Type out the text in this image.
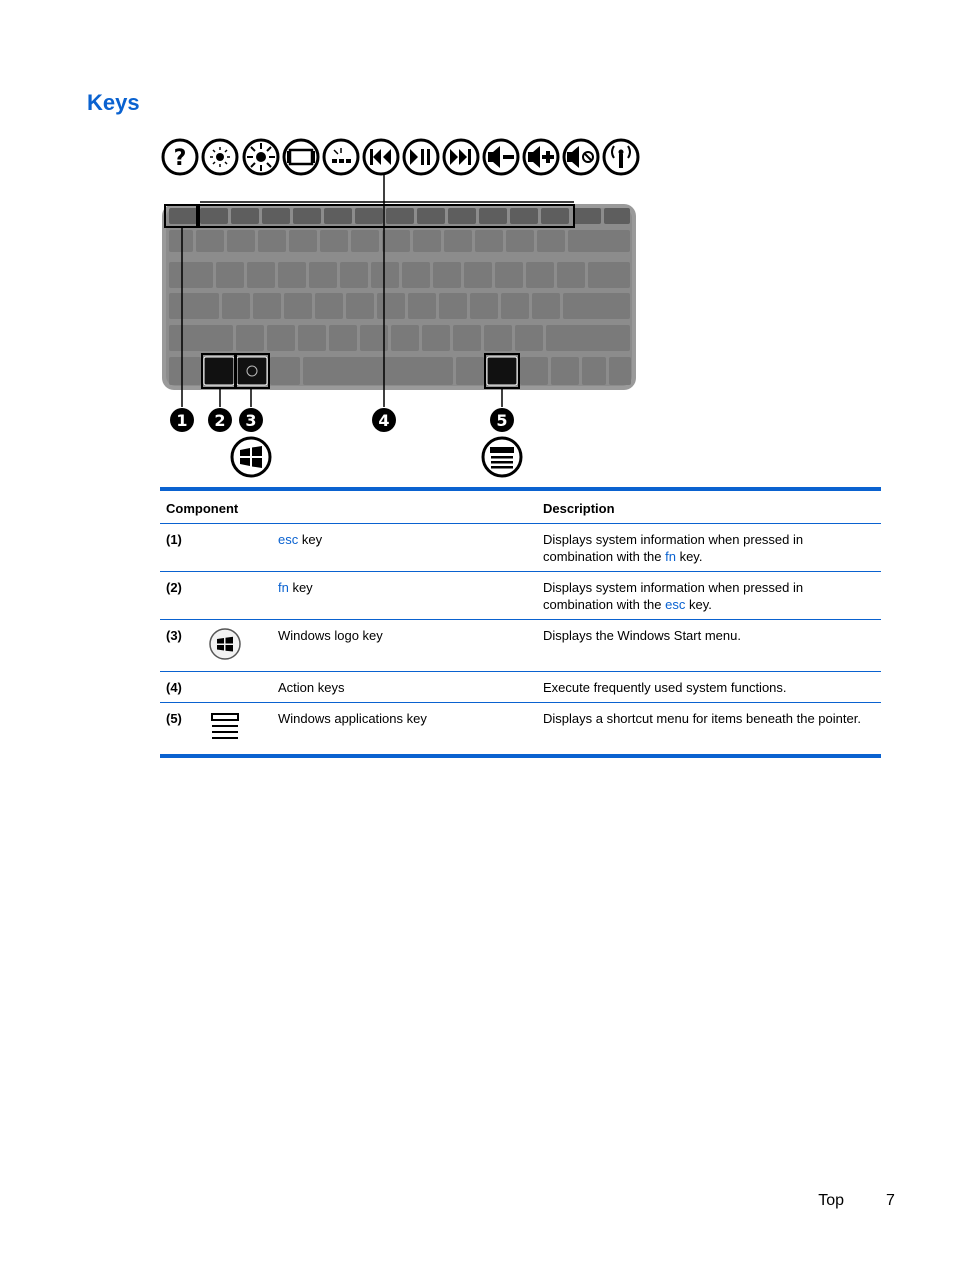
Keys
?
1 2 3	4	5
Component			Description
(1)		esc key	Displays system information when pressed in combination with the fn key.
(2)		fn key	Displays system information when pressed in combination with the esc key.
(3)		Windows logo key	Displays the Windows Start menu.
(4)		Action keys	Execute frequently used system functions.
(5)		Windows applications key	Displays a shortcut menu for items beneath the pointer.
Top	7
